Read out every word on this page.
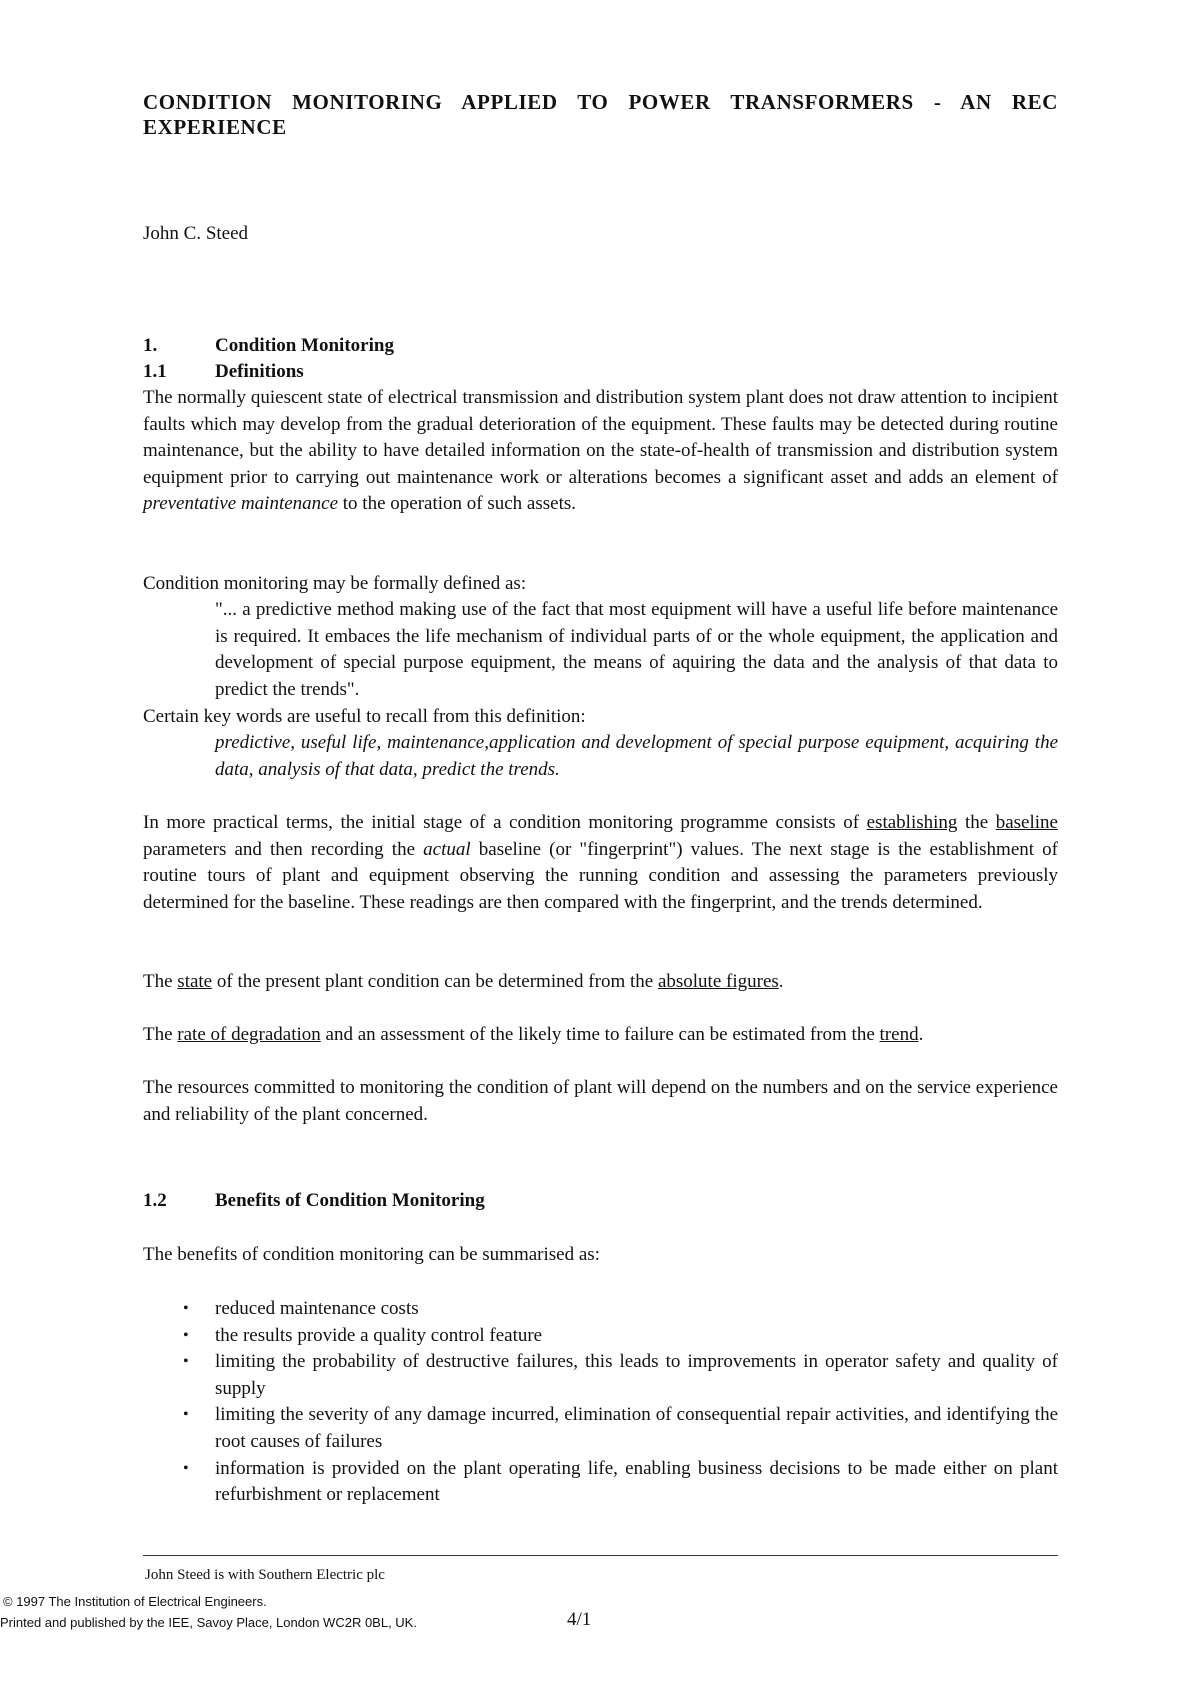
CONDITION MONITORING APPLIED TO POWER TRANSFORMERS - AN REC EXPERIENCE
John C. Steed
1.	Condition Monitoring
1.1	Definitions
The normally quiescent state of electrical transmission and distribution system plant does not draw attention to incipient faults which may develop from the gradual deterioration of the equipment. These faults may be detected during routine maintenance, but the ability to have detailed information on the state-of-health of transmission and distribution system equipment prior to carrying out maintenance work or alterations becomes a significant asset and adds an element of preventative maintenance to the operation of such assets.
Condition monitoring may be formally defined as:
"... a predictive method making use of the fact that most equipment will have a useful life before maintenance is required. It embaces the life mechanism of individual parts of or the whole equipment, the application and development of special purpose equipment, the means of aquiring the data and the analysis of that data to predict the trends".
Certain key words are useful to recall from this definition:
predictive, useful life, maintenance,application and development of special purpose equipment, acquiring the data, analysis of that data, predict the trends.
In more practical terms, the initial stage of a condition monitoring programme consists of establishing the baseline parameters and then recording the actual baseline (or "fingerprint") values. The next stage is the establishment of routine tours of plant and equipment observing the running condition and assessing the parameters previously determined for the baseline. These readings are then compared with the fingerprint, and the trends determined.
The state of the present plant condition can be determined from the absolute figures.
The rate of degradation and an assessment of the likely time to failure can be estimated from the trend.
The resources committed to monitoring the condition of plant will depend on the numbers and on the service experience and reliability of the plant concerned.
1.2	Benefits of Condition Monitoring
The benefits of condition monitoring can be summarised as:
• reduced maintenance costs
• the results provide a quality control feature
• limiting the probability of destructive failures, this leads to improvements in operator safety and quality of supply
• limiting the severity of any damage incurred, elimination of consequential repair activities, and identifying the root causes of failures
• information is provided on the plant operating life, enabling business decisions to be made either on plant refurbishment or replacement
John Steed is with Southern Electric plc
© 1997 The Institution of Electrical Engineers.
Printed and published by the IEE, Savoy Place, London WC2R 0BL, UK.	4/1
